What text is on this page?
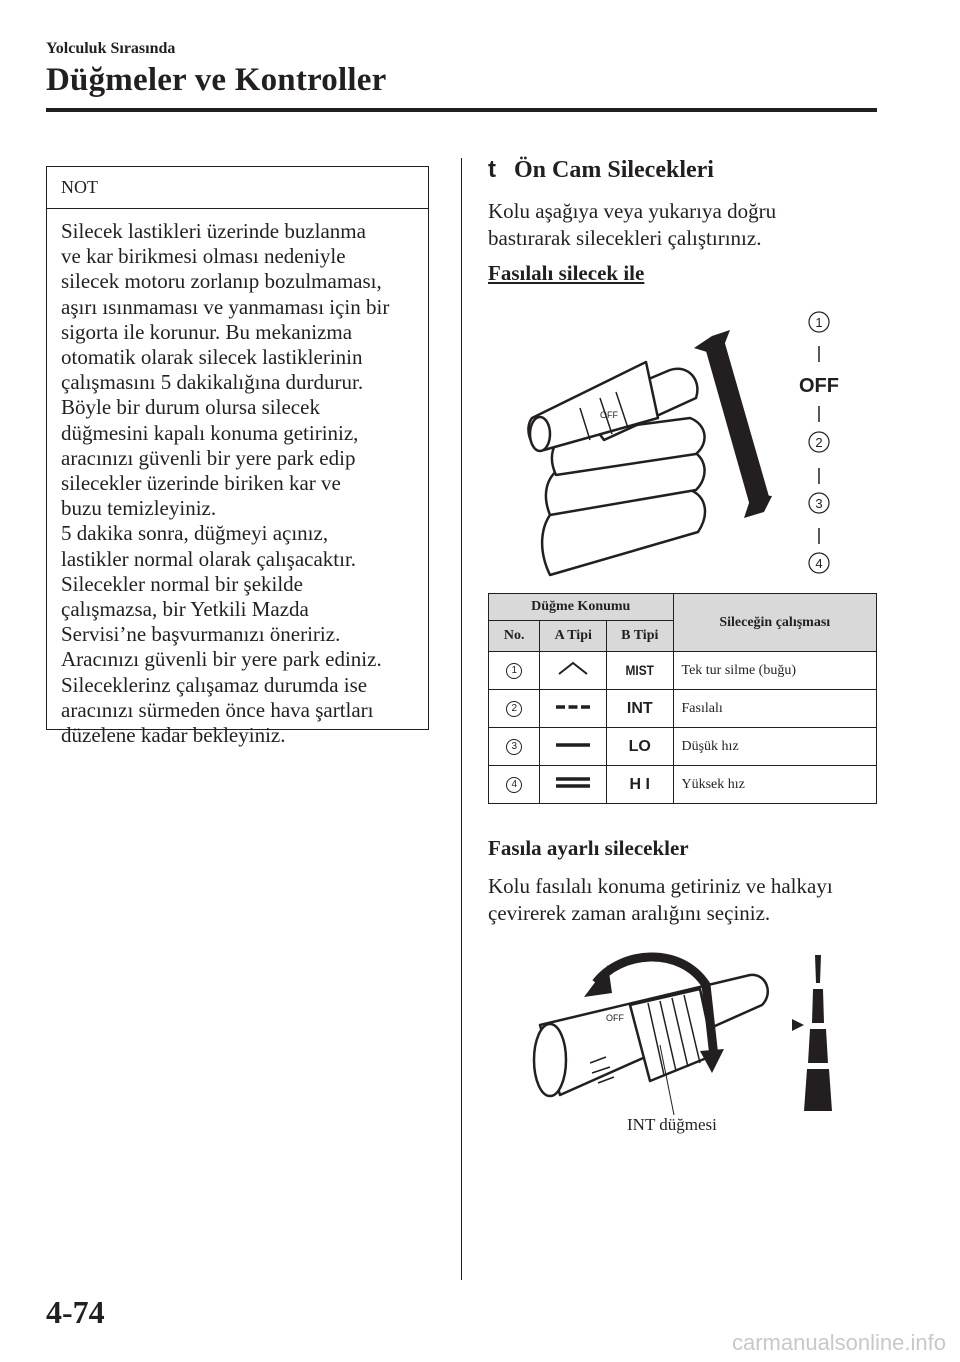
Yolculuk Sırasında
Düğmeler ve Kontroller
NOT
Silecek lastikleri üzerinde buzlanma
ve kar birikmesi olması nedeniyle
silecek motoru zorlanıp bozulmaması,
aşırı ısınmaması ve yanmaması için bir
sigorta ile korunur. Bu mekanizma
otomatik olarak silecek lastiklerinin
çalışmasını 5 dakikalığına durdurur.
Böyle bir durum olursa silecek
düğmesini kapalı konuma getiriniz,
aracınızı güvenli bir yere park edip
silecekler üzerinde biriken kar ve
buzu temizleyiniz.
5 dakika sonra, düğmeyi açınız,
lastikler normal olarak çalışacaktır.
Silecekler normal bir şekilde
çalışmazsa, bir Yetkili Mazda
Servisi’ne başvurmanızı öneririz.
Aracınızı güvenli bir yere park ediniz.
Sileceklerinz çalışamaz durumda ise
aracınızı sürmeden önce hava şartları
düzelene kadar bekleyiniz.
t Ön Cam Silecekleri
Kolu aşağıya veya yukarıya doğru
bastırarak silecekleri çalıştırınız.
Fasılalı silecek ile
OFF
1
OFF
2
3
4
Düğme Konumu			Sileceğin çalışması
No.	A Tipi	B Tipi	
1		MIST	Tek tur silme (buğu)
2		INT	Fasılalı
3		LO	Düşük hız
4		H I	Yüksek hız
Fasıla ayarlı silecekler
Kolu fasılalı konuma getiriniz ve halkayı
çevirerek zaman aralığını seçiniz.
OFF
INT düğmesi
4-74
carmanualsonline.info
